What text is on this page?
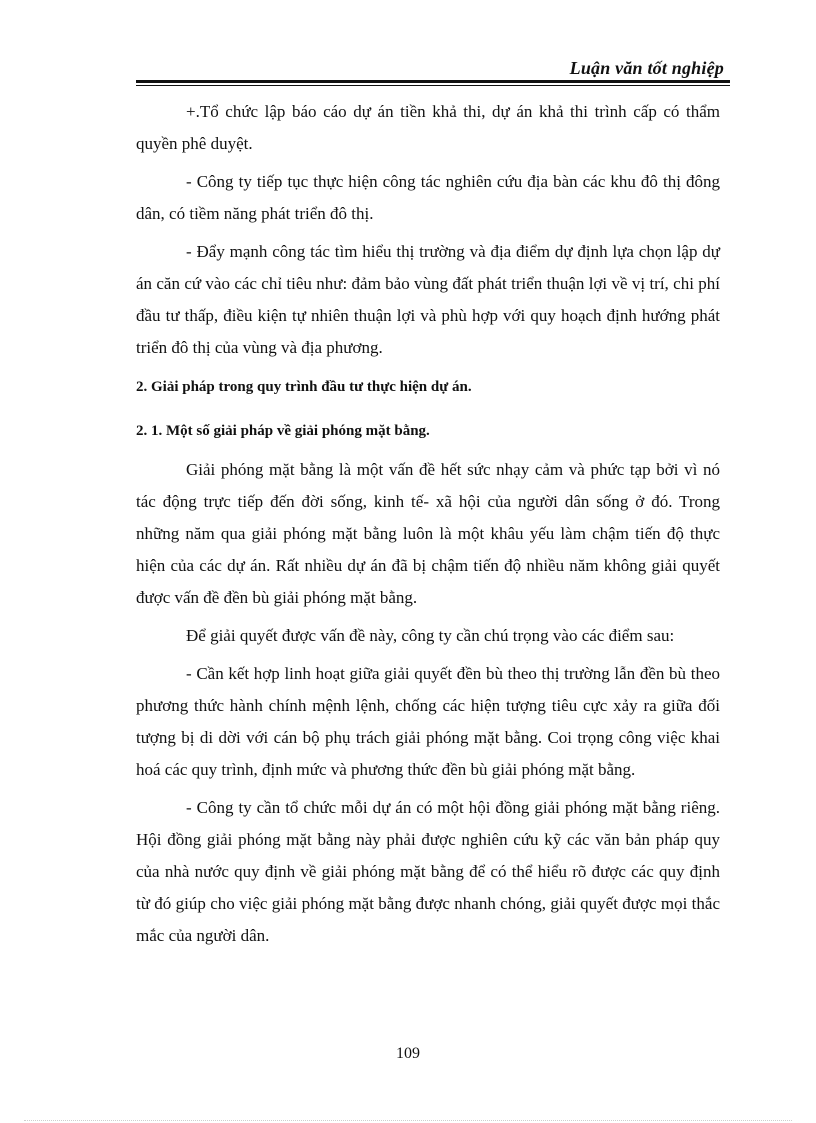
Luận văn tốt nghiệp

+.Tổ chức lập báo cáo dự án tiền khả thi, dự án khả thi trình cấp có thẩm quyền phê duyệt.

- Công ty tiếp tục thực hiện công tác nghiên cứu địa bàn các khu đô thị đông dân, có tiềm năng phát triển đô thị.

- Đẩy mạnh công tác tìm hiểu thị trường và địa điểm dự định lựa chọn lập dự án căn cứ vào các chỉ tiêu như: đảm bảo vùng đất phát triển thuận lợi về vị trí, chi phí đầu tư thấp, điều kiện tự nhiên thuận lợi và phù hợp với quy hoạch định hướng phát triển đô thị của vùng và địa phương.

2. Giải pháp trong quy trình đầu tư thực hiện dự án.

2. 1. Một số giải pháp về giải phóng mặt bằng.

Giải phóng mặt bằng là một vấn đề hết sức nhạy cảm và phức tạp bởi vì nó tác động trực tiếp đến đời sống, kinh tế- xã hội của người dân sống ở đó. Trong những năm qua giải phóng mặt bằng luôn là một khâu yếu làm chậm tiến độ thực hiện của các dự án. Rất nhiều dự án đã bị chậm tiến độ nhiều năm không giải quyết được vấn đề đền bù giải phóng mặt bằng.

Để giải quyết được vấn đề này, công ty cần chú trọng vào các điểm sau:

- Cần kết hợp linh hoạt giữa giải quyết đền bù theo thị trường lẫn đền bù theo phương thức hành chính mệnh lệnh, chống các hiện tượng tiêu cực xảy ra giữa đối tượng bị di dời với cán bộ phụ trách giải phóng mặt bằng. Coi trọng công việc khai hoá các quy trình, định mức và phương thức đền bù giải phóng mặt bằng.

- Công ty cần tổ chức mỗi dự án có một hội đồng giải phóng mặt bằng riêng. Hội đồng giải phóng mặt bằng này phải được nghiên cứu kỹ các văn bản pháp quy của nhà nước quy định về giải phóng mặt bằng để có thể hiểu rõ được các quy định từ đó giúp cho việc giải phóng mặt bằng được nhanh chóng, giải quyết được mọi thắc mắc của người dân.

109
